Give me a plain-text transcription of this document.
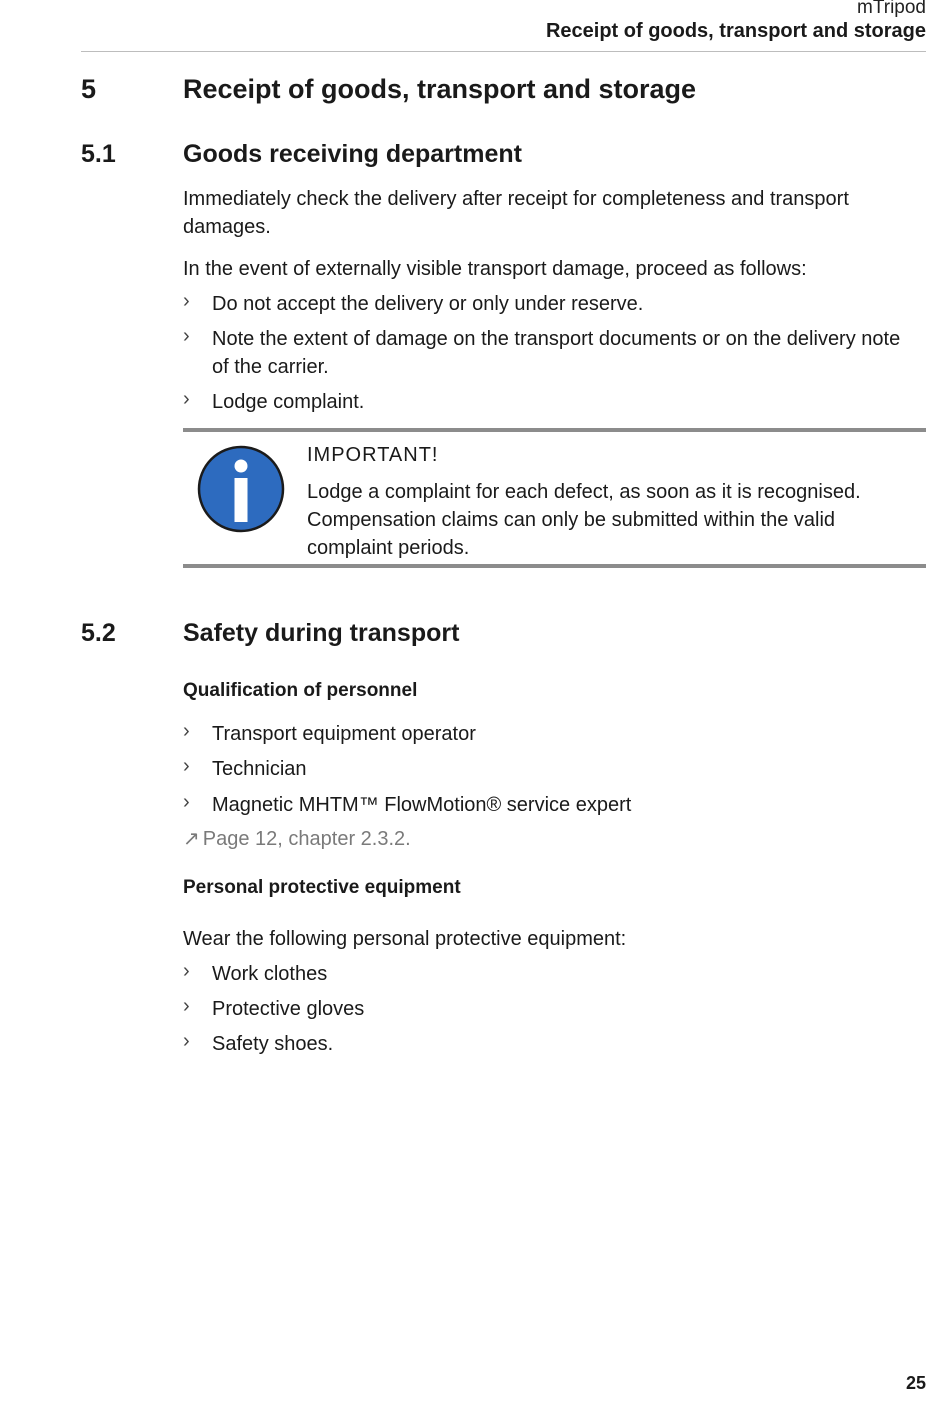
mTripod
Receipt of goods, transport and storage
5	Receipt of goods, transport and storage
5.1	Goods receiving department
Immediately check the delivery after receipt for completeness and transport damages.
In the event of externally visible transport damage, proceed as follows:
› Do not accept the delivery or only under reserve.
› Note the extent of damage on the transport documents or on the delivery note of the carrier.
› Lodge complaint.
IMPORTANT!
Lodge a complaint for each defect, as soon as it is recognised. Compensation claims can only be submitted within the valid complaint periods.
5.2	Safety during transport
Qualification of personnel
› Transport equipment operator
› Technician
› Magnetic MHTM™ FlowMotion® service expert
↗ Page 12, chapter 2.3.2.
Personal protective equipment
Wear the following personal protective equipment:
› Work clothes
› Protective gloves
› Safety shoes.
25
